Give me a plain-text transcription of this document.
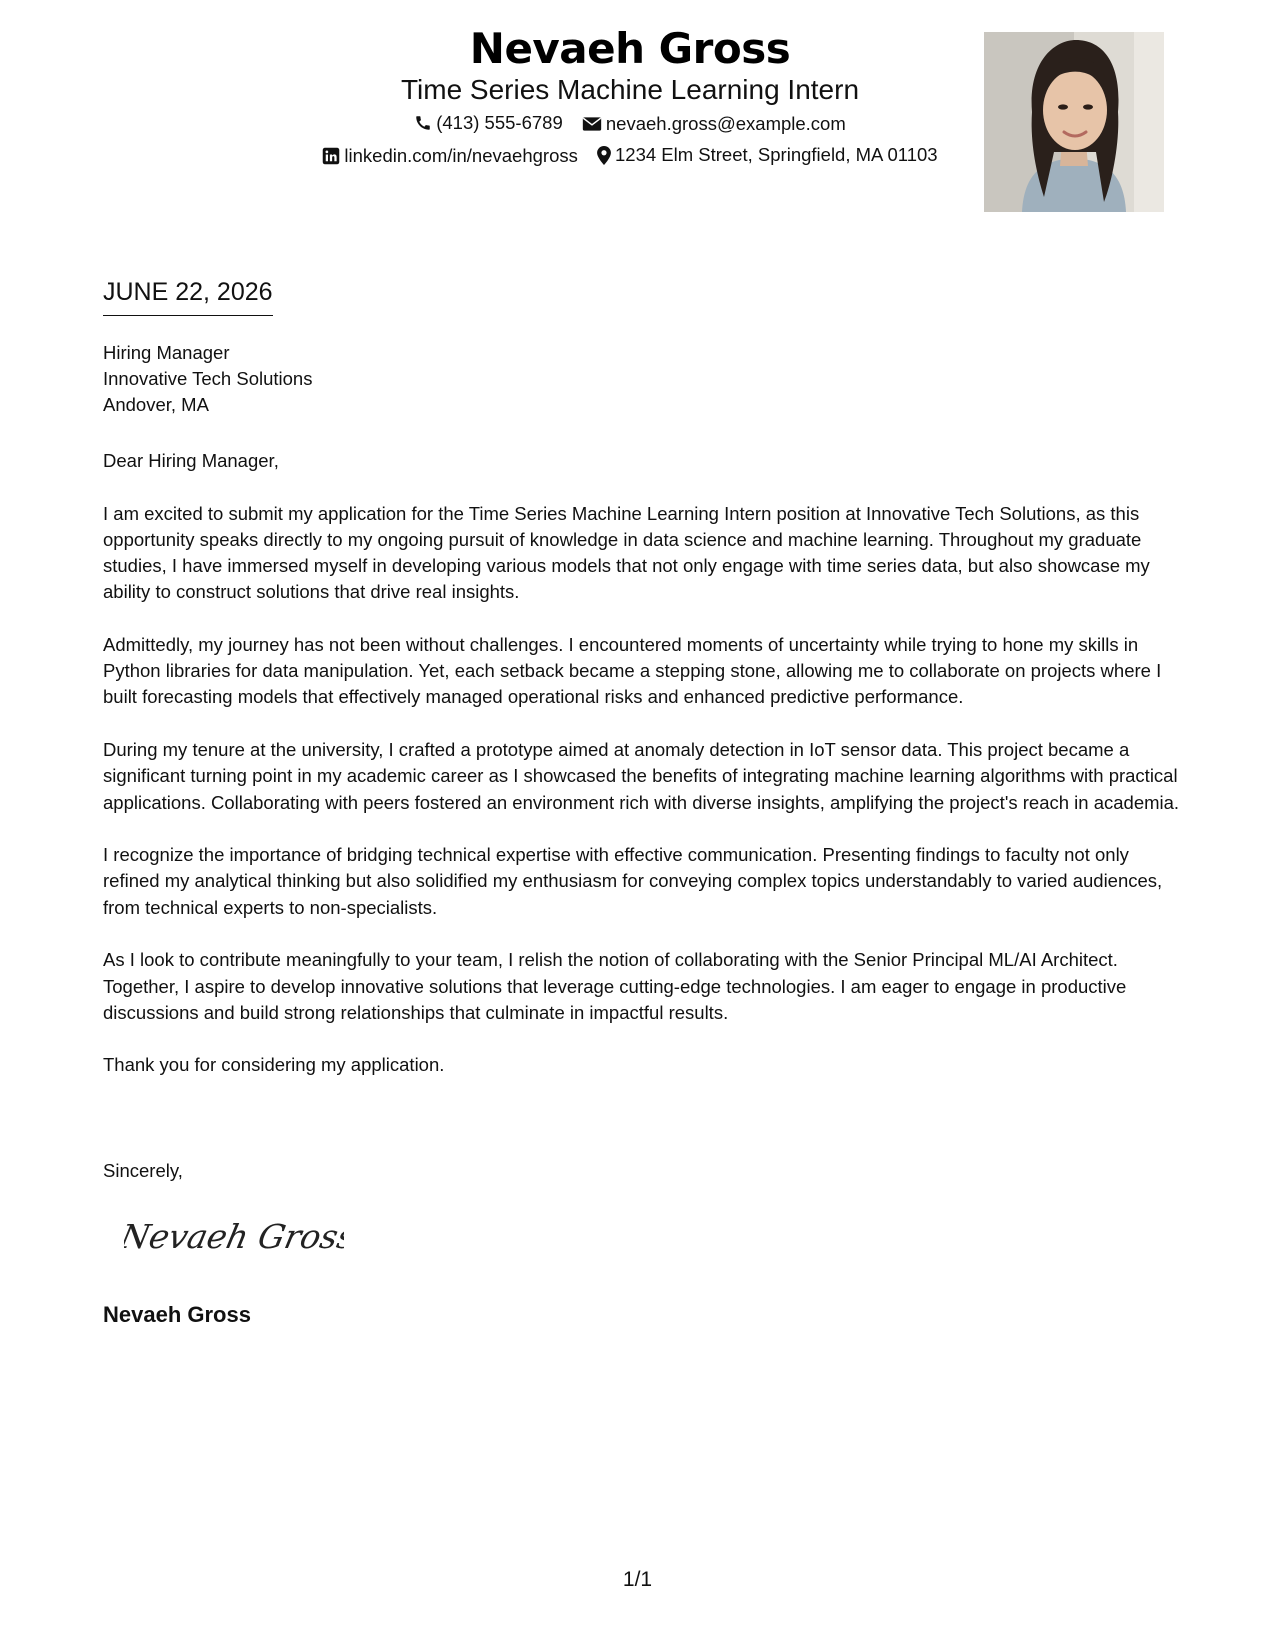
Nevaeh Gross
Time Series Machine Learning Intern
(413) 555-6789
nevaeh.gross@example.com
linkedin.com/in/nevaehgross
1234 Elm Street, Springfield, MA 01103
JUNE 22, 2026
Hiring Manager
Innovative Tech Solutions
Andover, MA

Dear Hiring Manager,

I am excited to submit my application for the Time Series Machine Learning Intern position at Innovative Tech Solutions, as this opportunity speaks directly to my ongoing pursuit of knowledge in data science and machine learning. Throughout my graduate studies, I have immersed myself in developing various models that not only engage with time series data, but also showcase my ability to construct solutions that drive real insights.

Admittedly, my journey has not been without challenges. I encountered moments of uncertainty while trying to hone my skills in Python libraries for data manipulation. Yet, each setback became a stepping stone, allowing me to collaborate on projects where I built forecasting models that effectively managed operational risks and enhanced predictive performance.

During my tenure at the university, I crafted a prototype aimed at anomaly detection in IoT sensor data. This project became a significant turning point in my academic career as I showcased the benefits of integrating machine learning algorithms with practical applications. Collaborating with peers fostered an environment rich with diverse insights, amplifying the project's reach in academia.

I recognize the importance of bridging technical expertise with effective communication. Presenting findings to faculty not only refined my analytical thinking but also solidified my enthusiasm for conveying complex topics understandably to varied audiences, from technical experts to non-specialists.

As I look to contribute meaningfully to your team, I relish the notion of collaborating with the Senior Principal ML/AI Architect. Together, I aspire to develop innovative solutions that leverage cutting-edge technologies. I am eager to engage in productive discussions and build strong relationships that culminate in impactful results.

Thank you for considering my application.

Sincerely,
Nevaeh Gross
Nevaeh Gross
1/1
